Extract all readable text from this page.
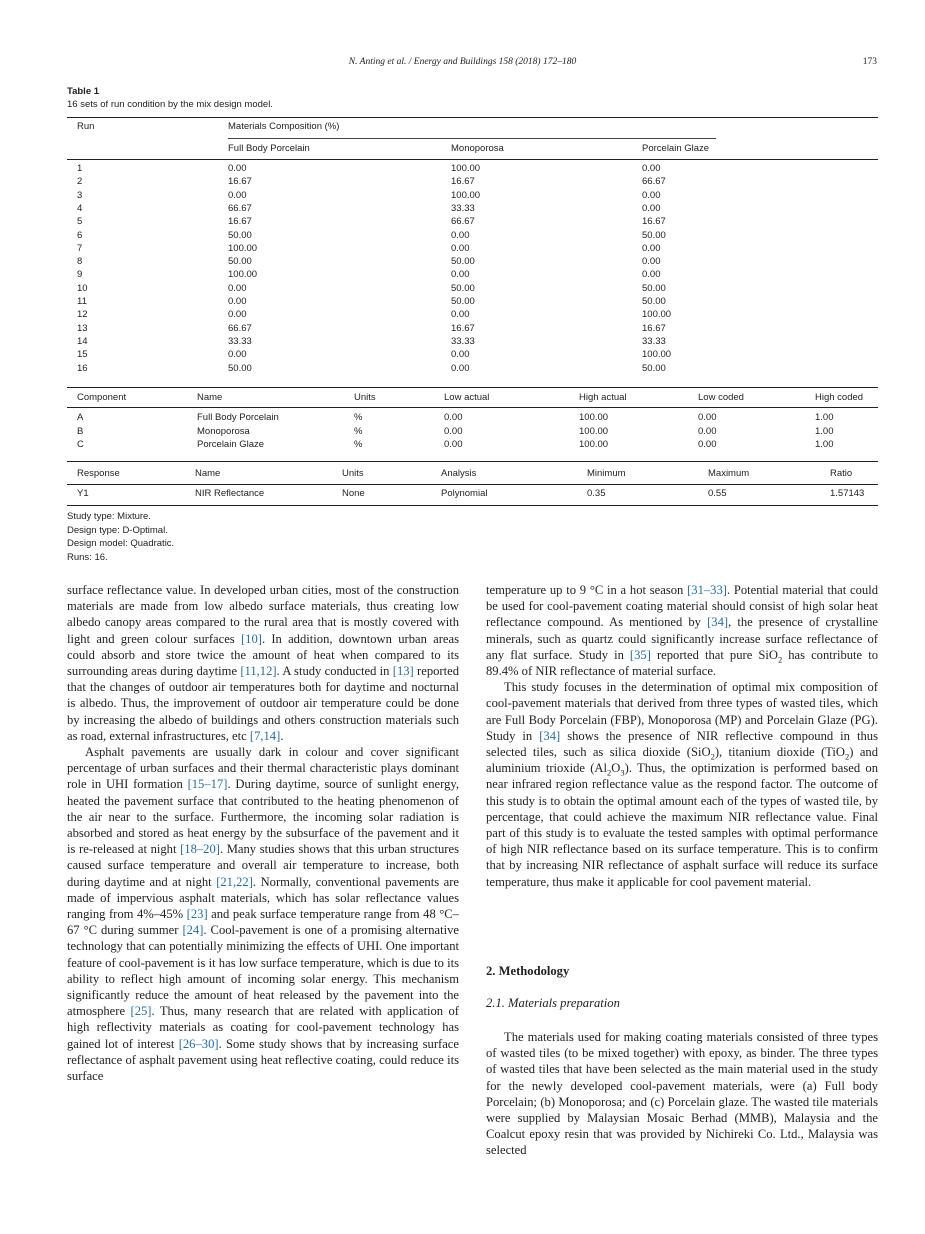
N. Anting et al. / Energy and Buildings 158 (2018) 172–180	173
Table 1
16 sets of run condition by the mix design model.
Run	Materials Composition (%)
Full Body Porcelain	Monoporosa	Porcelain Glaze
1	0.00	100.00	0.00
2	16.67	16.67	66.67
3	0.00	100.00	0.00
4	66.67	33.33	0.00
5	16.67	66.67	16.67
6	50.00	0.00	50.00
7	100.00	0.00	0.00
8	50.00	50.00	0.00
9	100.00	0.00	0.00
10	0.00	50.00	50.00
11	0.00	50.00	50.00
12	0.00	0.00	100.00
13	66.67	16.67	16.67
14	33.33	33.33	33.33
15	0.00	0.00	100.00
16	50.00	0.00	50.00
Component	Name	Units	Low actual	High actual	Low coded	High coded
A	Full Body Porcelain	%	0.00	100.00	0.00	1.00
B	Monoporosa	%	0.00	100.00	0.00	1.00
C	Porcelain Glaze	%	0.00	100.00	0.00	1.00
Response	Name	Units	Analysis	Minimum	Maximum	Ratio
Y1	NIR Reflectance	None	Polynomial	0.35	0.55	1.57143
Study type: Mixture.
Design type: D-Optimal.
Design model: Quadratic.
Runs: 16.

surface reflectance value. In developed urban cities, most of the construction materials are made from low albedo surface materials, thus creating low albedo canopy areas compared to the rural area that is mostly covered with light and green colour surfaces [10]. In addition, downtown urban areas could absorb and store twice the amount of heat when compared to its surrounding areas during daytime [11,12]. A study conducted in [13] reported that the changes of outdoor air temperatures both for daytime and nocturnal is albedo. Thus, the improvement of outdoor air temperature could be done by increasing the albedo of buildings and others construction materials such as road, external infrastructures, etc [7,14].

Asphalt pavements are usually dark in colour and cover significant percentage of urban surfaces and their thermal characteristic plays dominant role in UHI formation [15–17]. During daytime, source of sunlight energy, heated the pavement surface that contributed to the heating phenomenon of the air near to the surface. Furthermore, the incoming solar radiation is absorbed and stored as heat energy by the subsurface of the pavement and it is re-released at night [18–20]. Many studies shows that this urban structures caused surface temperature and overall air temperature to increase, both during daytime and at night [21,22]. Normally, conventional pavements are made of impervious asphalt materials, which has solar reflectance values ranging from 4%–45% [23] and peak surface temperature range from 48 °C–67 °C during summer [24]. Cool-pavement is one of a promising alternative technology that can potentially minimizing the effects of UHI. One important feature of cool-pavement is it has low surface temperature, which is due to its ability to reflect high amount of incoming solar energy. This mechanism significantly reduce the amount of heat released by the pavement into the atmosphere [25]. Thus, many research that are related with application of high reflectivity materials as coating for cool-pavement technology has gained lot of interest [26–30]. Some study shows that by increasing surface reflectance of asphalt pavement using heat reflective coating, could reduce its surface

temperature up to 9 °C in a hot season [31–33]. Potential material that could be used for cool-pavement coating material should consist of high solar heat reflectance compound. As mentioned by [34], the presence of crystalline minerals, such as quartz could significantly increase surface reflectance of any flat surface. Study in [35] reported that pure SiO$_2$ has contribute to 89.4% of NIR reflectance of material surface.

This study focuses in the determination of optimal mix composition of cool-pavement materials that derived from three types of wasted tiles, which are Full Body Porcelain (FBP), Monoporosa (MP) and Porcelain Glaze (PG). Study in [34] shows the presence of NIR reflective compound in thus selected tiles, such as silica dioxide (SiO$_2$), titanium dioxide (TiO$_2$) and aluminium trioxide $(Al_2O_3)$. Thus, the optimization is performed based on near infrared region reflectance value as the respond factor. The outcome of this study is to obtain the optimal amount each of the types of wasted tile, by percentage, that could achieve the maximum NIR reflectance value. Final part of this study is to evaluate the tested samples with optimal performance of high NIR reflectance based on its surface temperature. This is to confirm that by increasing NIR reflectance of asphalt surface will reduce its surface temperature, thus make it applicable for cool pavement material.

2. Methodology
2.1. Materials preparation

The materials used for making coating materials consisted of three types of wasted tiles (to be mixed together) with epoxy, as binder. The three types of wasted tiles that have been selected as the main material used in the study for the newly developed cool-pavement materials, were (a) Full body Porcelain; (b) Monoporosa; and (c) Porcelain glaze. The wasted tile materials were supplied by Malaysian Mosaic Berhad (MMB), Malaysia and the Coalcut epoxy resin that was provided by Nichireki Co. Ltd., Malaysia was selected
